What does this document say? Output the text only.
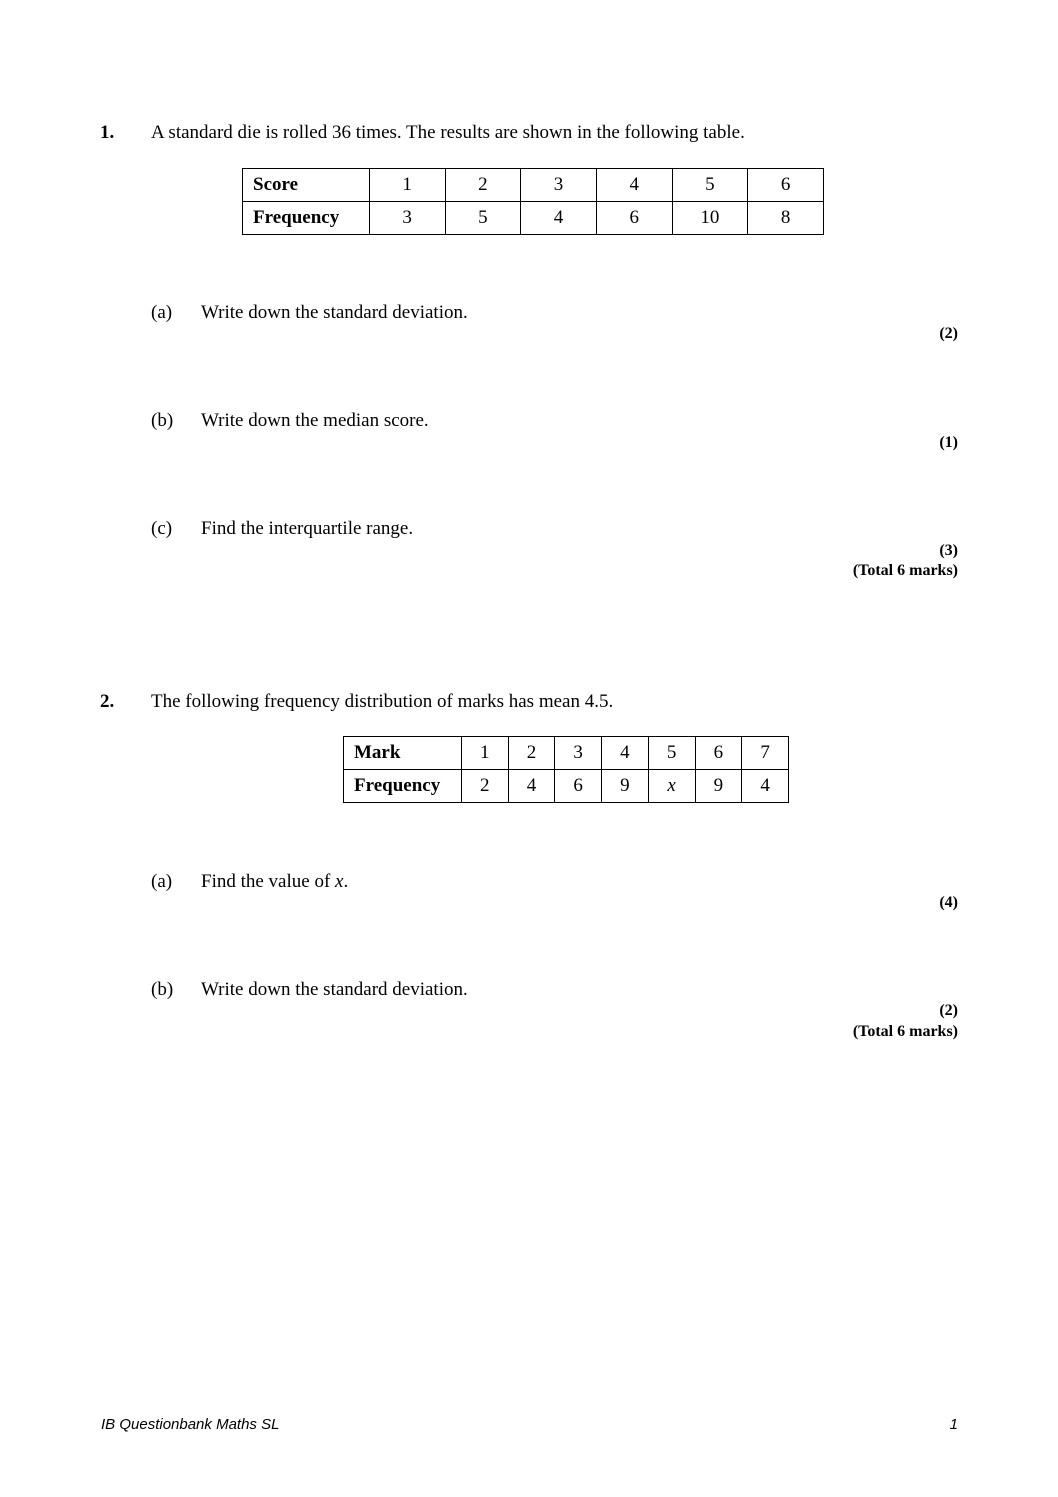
1. A standard die is rolled 36 times. The results are shown in the following table.
Score	1	2	3	4	5	6
Frequency	3	5	4	6	10	8
(a) Write down the standard deviation.
(2)
(b) Write down the median score.
(1)
(c) Find the interquartile range.
(3)
(Total 6 marks)
2. The following frequency distribution of marks has mean 4.5.
Mark	1	2	3	4	5	6	7
Frequency	2	4	6	9	x	9	4
(a) Find the value of x.
(4)
(b) Write down the standard deviation.
(2)
(Total 6 marks)
IB Questionbank Maths SL	1
